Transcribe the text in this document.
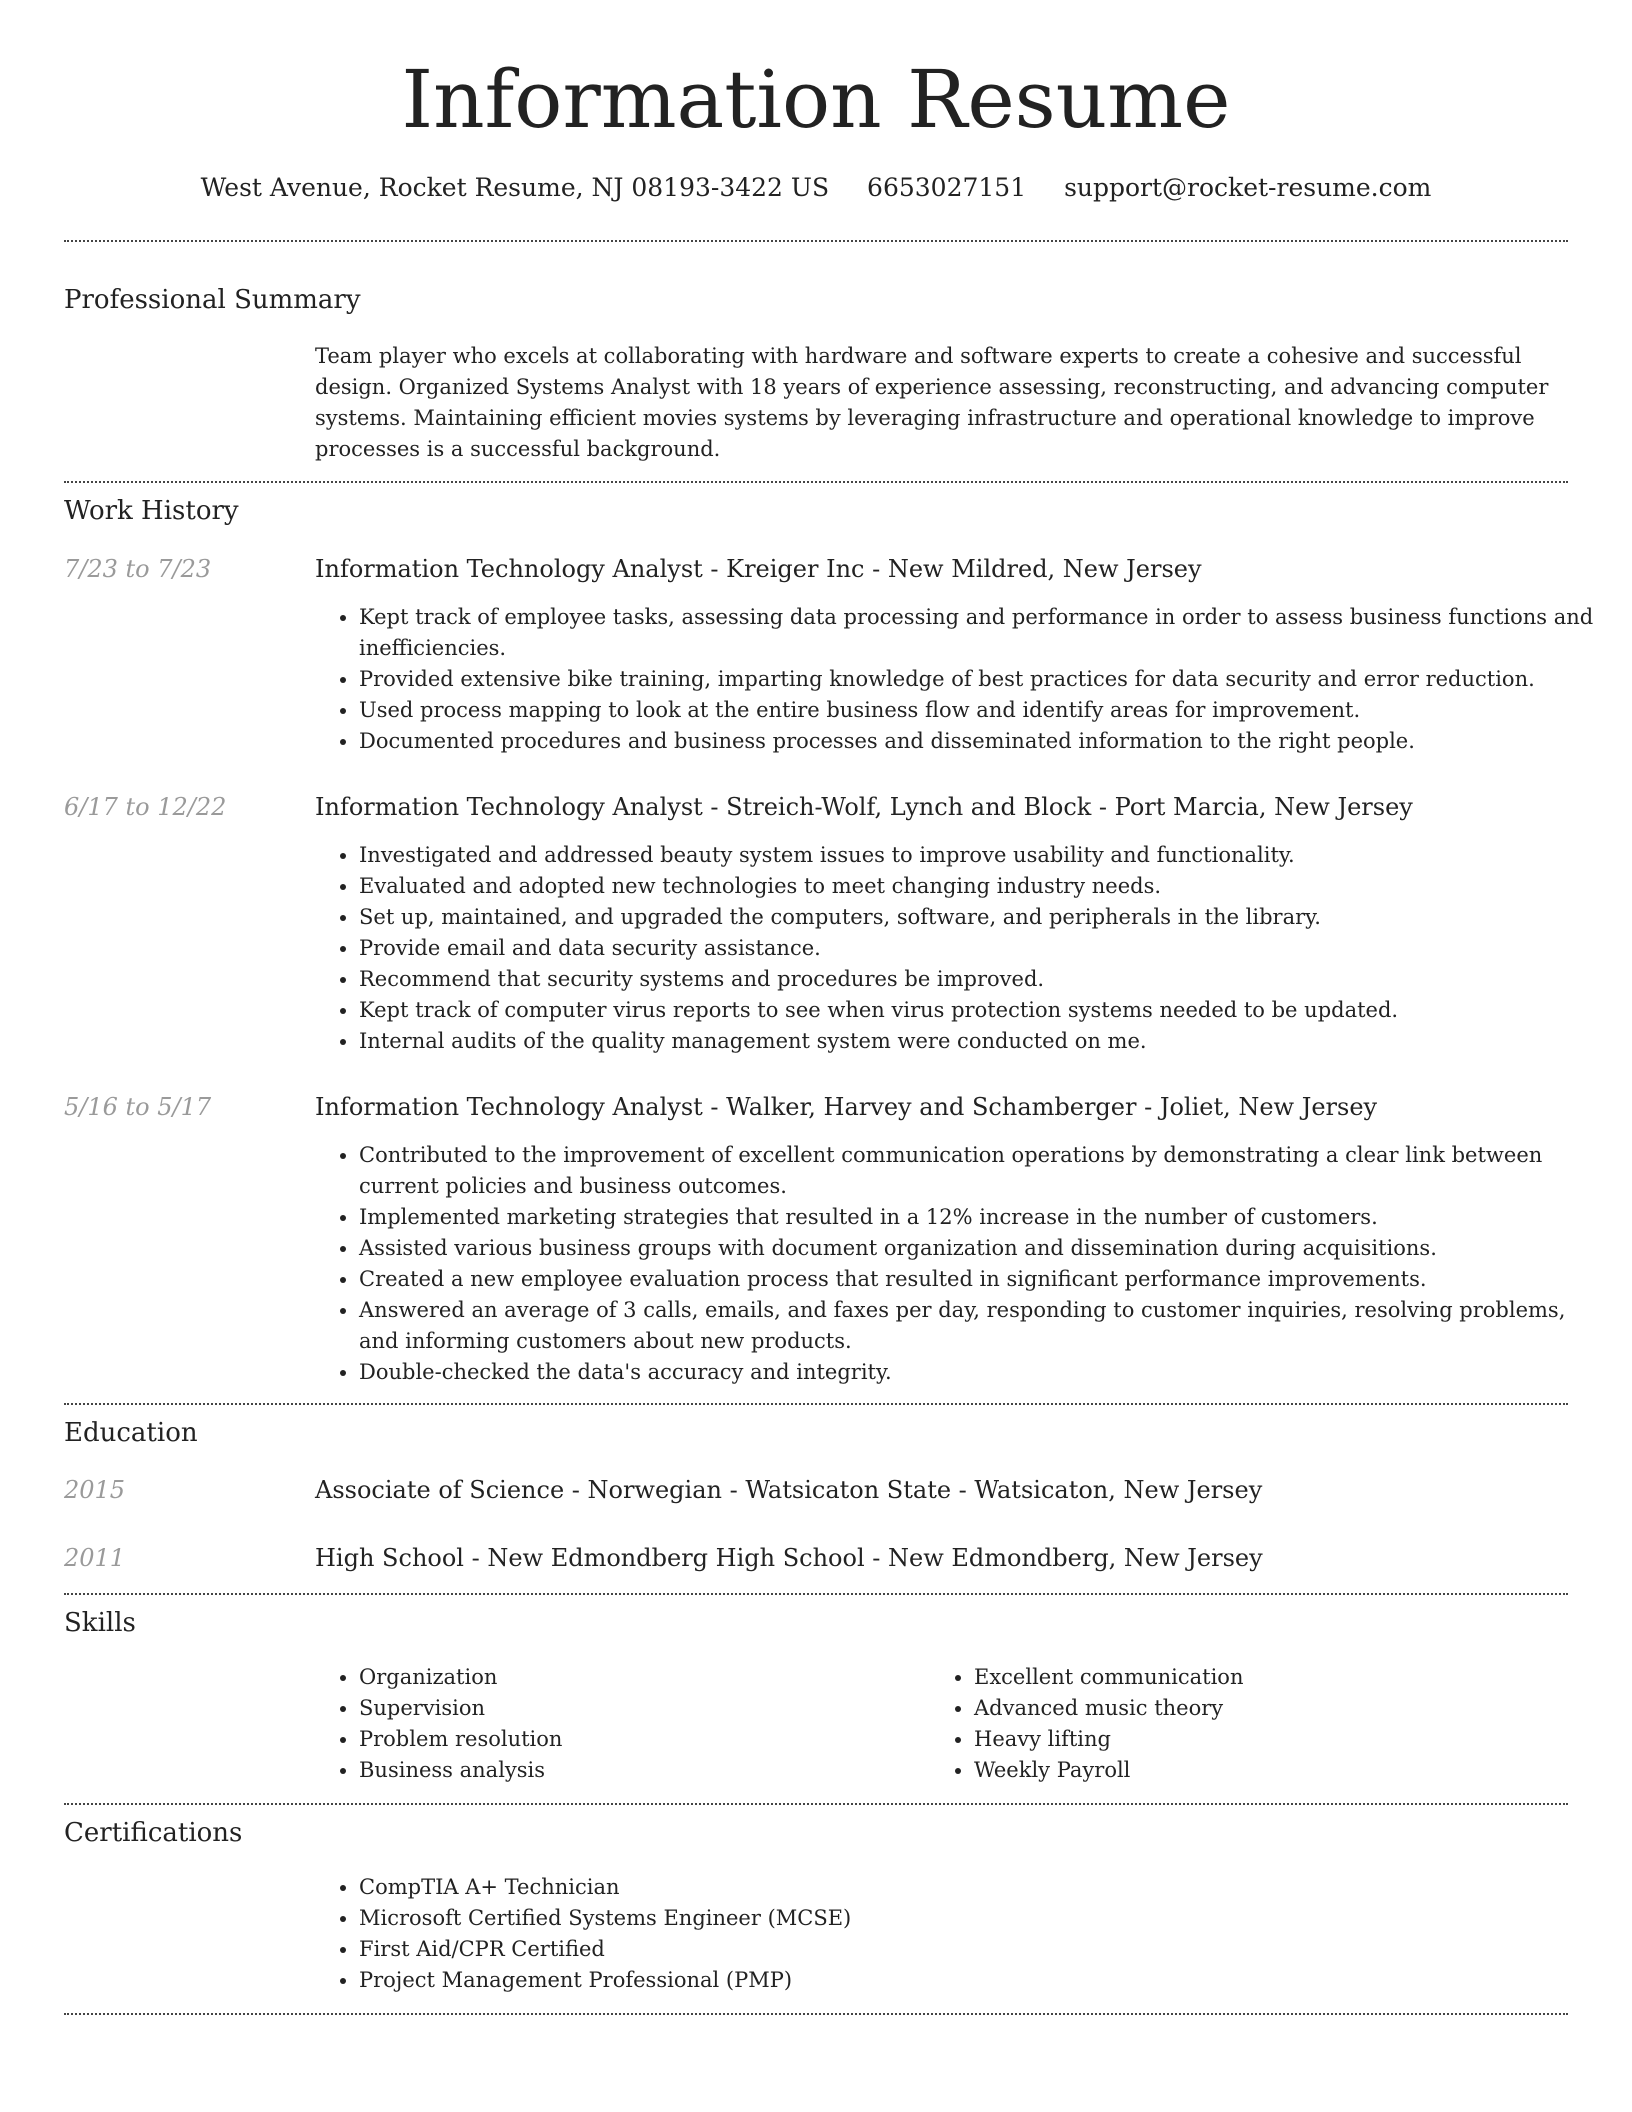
Information Resume
West Avenue, Rocket Resume, NJ 08193-3422 US 6653027151 support@rocket-resume.com
Professional Summary
Team player who excels at collaborating with hardware and software experts to create a cohesive and successful design. Organized Systems Analyst with 18 years of experience assessing, reconstructing, and advancing computer systems. Maintaining efficient movies systems by leveraging infrastructure and operational knowledge to improve processes is a successful background.
Work History
7/23 to 7/23	Information Technology Analyst - Kreiger Inc - New Mildred, New Jersey
• Kept track of employee tasks, assessing data processing and performance in order to assess business functions and inefficiencies.
• Provided extensive bike training, imparting knowledge of best practices for data security and error reduction.
• Used process mapping to look at the entire business flow and identify areas for improvement.
• Documented procedures and business processes and disseminated information to the right people.
6/17 to 12/22	Information Technology Analyst - Streich-Wolf, Lynch and Block - Port Marcia, New Jersey
• Investigated and addressed beauty system issues to improve usability and functionality.
• Evaluated and adopted new technologies to meet changing industry needs.
• Set up, maintained, and upgraded the computers, software, and peripherals in the library.
• Provide email and data security assistance.
• Recommend that security systems and procedures be improved.
• Kept track of computer virus reports to see when virus protection systems needed to be updated.
• Internal audits of the quality management system were conducted on me.
5/16 to 5/17	Information Technology Analyst - Walker, Harvey and Schamberger - Joliet, New Jersey
• Contributed to the improvement of excellent communication operations by demonstrating a clear link between current policies and business outcomes.
• Implemented marketing strategies that resulted in a 12% increase in the number of customers.
• Assisted various business groups with document organization and dissemination during acquisitions.
• Created a new employee evaluation process that resulted in significant performance improvements.
• Answered an average of 3 calls, emails, and faxes per day, responding to customer inquiries, resolving problems, and informing customers about new products.
• Double-checked the data's accuracy and integrity.
Education
2015	Associate of Science - Norwegian - Watsicaton State - Watsicaton, New Jersey
2011	High School - New Edmondberg High School - New Edmondberg, New Jersey
Skills
• Organization
• Supervision
• Problem resolution
• Business analysis
• Excellent communication
• Advanced music theory
• Heavy lifting
• Weekly Payroll
Certifications
• CompTIA A+ Technician
• Microsoft Certified Systems Engineer (MCSE)
• First Aid/CPR Certified
• Project Management Professional (PMP)
